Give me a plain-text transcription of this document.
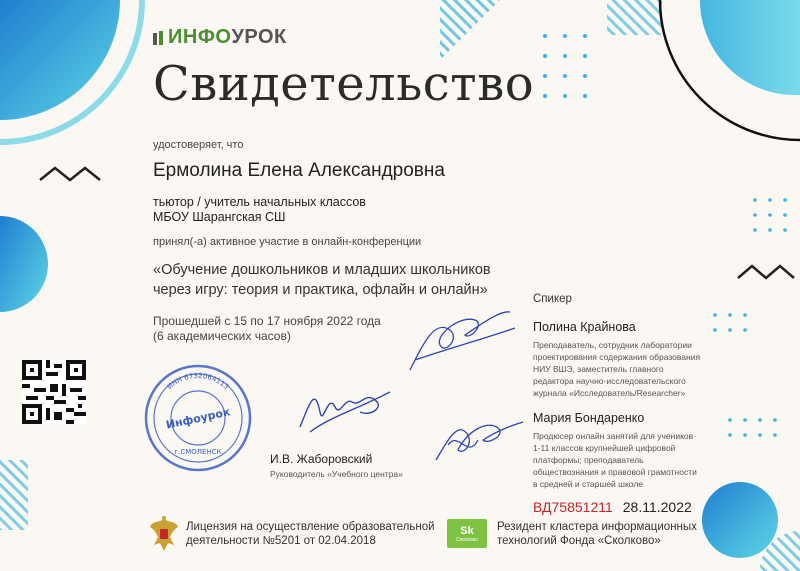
ИНФО УРОК
Свидетельство
удостоверяет, что
Ермолина Елена Александровна
тьютор / учитель начальных классов
МБОУ Шарангская СШ
принял(-а) активное участие в онлайн-конференции
«Обучение дошкольников и младших школьников
через игру: теория и практика, офлайн и онлайн»
Прошедшей с 15 по 17 ноября 2022 года
(6 академических часов)
ИНН 6732064113
г.СМОЛЕНСК
Инфоурок
И.В. Жаборовский
Руководитель «Учебного центра»
Спикер
Полина Крайнова
Преподаватель, сотрудник лаборатории проектирования содержания образования НИУ ВШЭ, заместитель главного редактора научно-исследовательского журнала «Исследователь/Researcher»
Мария Бондаренко
Продюсер онлайн занятий для учеников 1-11 классов крупнейшей цифровой платформы; преподаватель обществознания и правовой грамотности в средней и старшей школе
ВД75851211 28.11.2022
Лицензия на осуществление образовательной
деятельности №5201 от 02.04.2018
Sk
Сколково
Резидент кластера информационных
технологий Фонда «Сколково»
